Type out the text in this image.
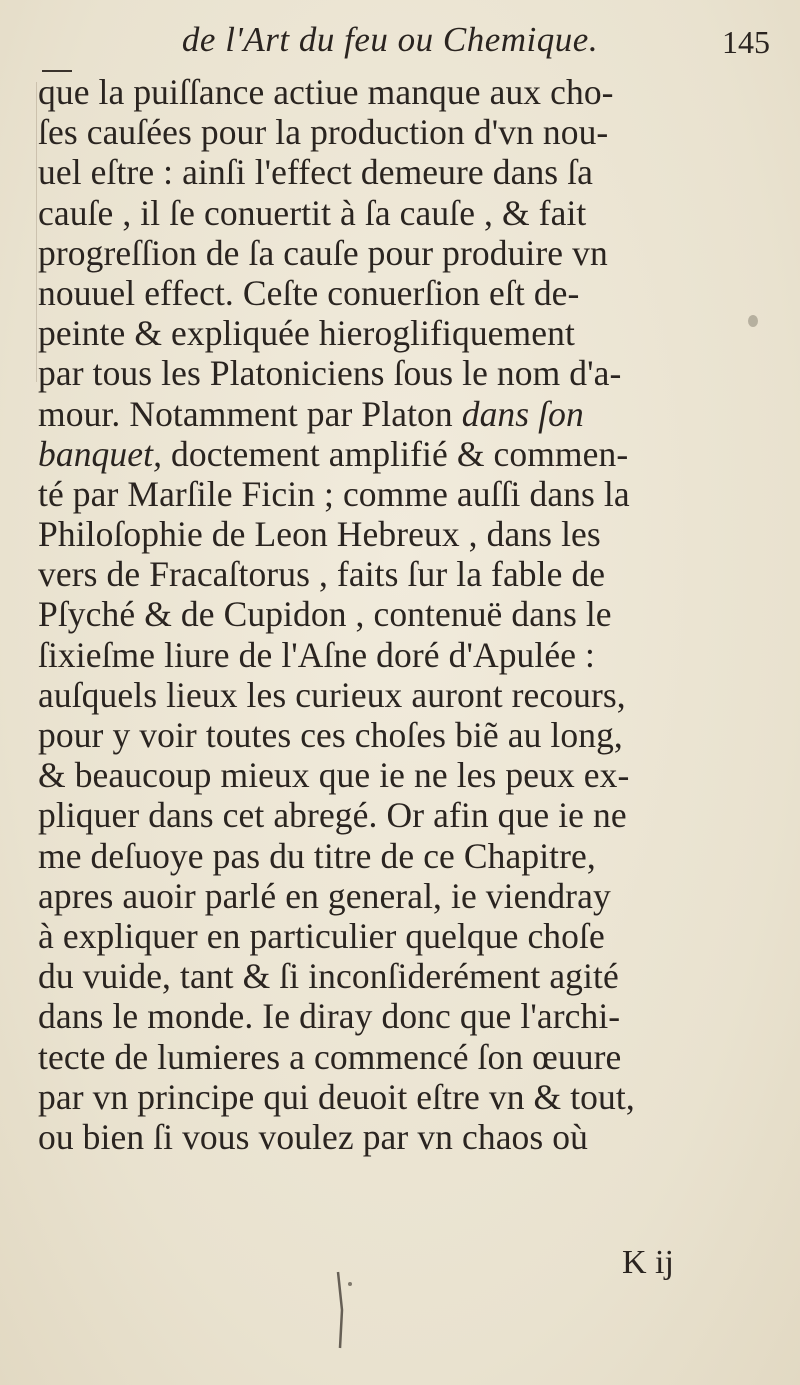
de l'Art du feu ou Chemique.	145
que la puiſſance actiue manque aux cho-
ſes cauſées pour la production d'vn nou-
uel eſtre : ainſi l'effect demeure dans ſa
cauſe , il ſe conuertit à ſa cauſe , & fait
progreſſion de ſa cauſe pour produire vn
nouuel effect. Ceſte conuerſion eſt de-
peinte & expliquée hieroglifiquement
par tous les Platoniciens ſous le nom d'a-
mour. Notamment par Platon dans ſon
banquet, doctement amplifié & commen-
té par Marſile Ficin ; comme auſſi dans la
Philoſophie de Leon Hebreux , dans les
vers de Fracaſtorus , faits ſur la fable de
Pſyché & de Cupidon , contenuë dans le
ſixieſme liure de l'Aſne doré d'Apulée :
auſquels lieux les curieux auront recours,
pour y voir toutes ces choſes biẽ au long,
& beaucoup mieux que ie ne les peux ex-
pliquer dans cet abregé. Or afin que ie ne
me deſuoye pas du titre de ce Chapitre,
apres auoir parlé en general, ie viendray
à expliquer en particulier quelque choſe
du vuide, tant & ſi inconſiderément agité
dans le monde. Ie diray donc que l'archi-
tecte de lumieres a commencé ſon œuure
par vn principe qui deuoit eſtre vn & tout,
ou bien ſi vous voulez par vn chaos où
K ij
